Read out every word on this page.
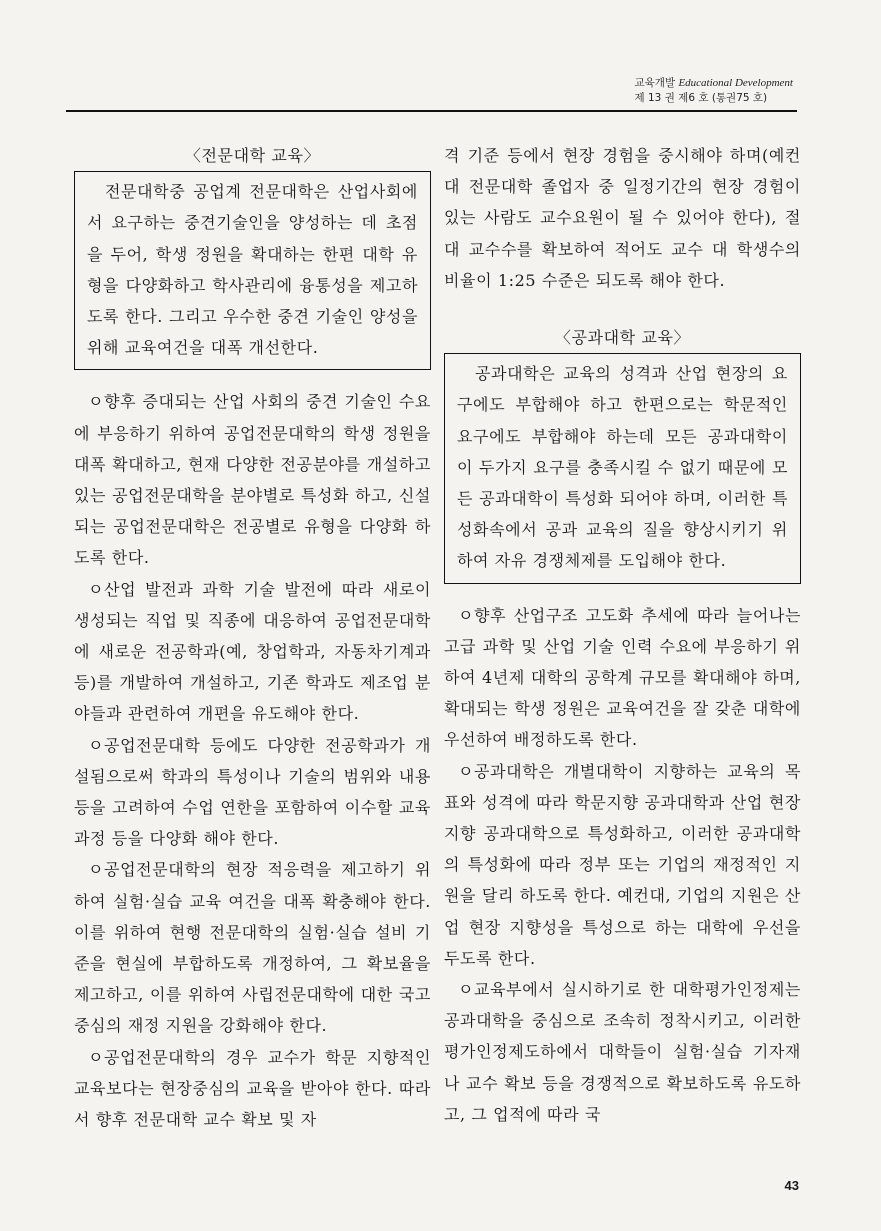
교육개발 Educational Development
제 13 권 제6 호 (통권75 호)

〈전문대학 교육〉

전문대학중 공업계 전문대학은 산업사회에서 요구하는 중견기술인을 양성하는 데 초점을 두어, 학생 정원을 확대하는 한편 대학 유형을 다양화하고 학사관리에 융통성을 제고하도록 한다. 그리고 우수한 중견 기술인 양성을 위해 교육여건을 대폭 개선한다.

ㅇ향후 증대되는 산업 사회의 중견 기술인 수요에 부응하기 위하여 공업전문대학의 학생 정원을 대폭 확대하고, 현재 다양한 전공분야를 개설하고 있는 공업전문대학을 분야별로 특성화 하고, 신설되는 공업전문대학은 전공별로 유형을 다양화 하도록 한다.

ㅇ산업 발전과 과학 기술 발전에 따라 새로이 생성되는 직업 및 직종에 대응하여 공업전문대학에 새로운 전공학과(예, 창업학과, 자동차기계과 등)를 개발하여 개설하고, 기존 학과도 제조업 분야들과 관련하여 개편을 유도해야 한다.

ㅇ공업전문대학 등에도 다양한 전공학과가 개설됨으로써 학과의 특성이나 기술의 범위와 내용 등을 고려하여 수업 연한을 포함하여 이수할 교육과정 등을 다양화 해야 한다.

ㅇ공업전문대학의 현장 적응력을 제고하기 위하여 실험·실습 교육 여건을 대폭 확충해야 한다. 이를 위하여 현행 전문대학의 실험·실습 설비 기준을 현실에 부합하도록 개정하여, 그 확보율을 제고하고, 이를 위하여 사립전문대학에 대한 국고중심의 재정 지원을 강화해야 한다.

ㅇ공업전문대학의 경우 교수가 학문 지향적인 교육보다는 현장중심의 교육을 받아야 한다. 따라서 향후 전문대학 교수 확보 및 자

격 기준 등에서 현장 경험을 중시해야 하며(예컨대 전문대학 졸업자 중 일정기간의 현장 경험이 있는 사람도 교수요원이 될 수 있어야 한다), 절대 교수수를 확보하여 적어도 교수 대 학생수의 비율이 1:25 수준은 되도록 해야 한다.

〈공과대학 교육〉

공과대학은 교육의 성격과 산업 현장의 요구에도 부합해야 하고 한편으로는 학문적인 요구에도 부합해야 하는데 모든 공과대학이 이 두가지 요구를 충족시킬 수 없기 때문에 모든 공과대학이 특성화 되어야 하며, 이러한 특성화속에서 공과 교육의 질을 향상시키기 위하여 자유 경쟁체제를 도입해야 한다.

ㅇ향후 산업구조 고도화 추세에 따라 늘어나는 고급 과학 및 산업 기술 인력 수요에 부응하기 위하여 4년제 대학의 공학계 규모를 확대해야 하며, 확대되는 학생 정원은 교육여건을 잘 갖춘 대학에 우선하여 배정하도록 한다.

ㅇ공과대학은 개별대학이 지향하는 교육의 목표와 성격에 따라 학문지향 공과대학과 산업 현장지향 공과대학으로 특성화하고, 이러한 공과대학의 특성화에 따라 정부 또는 기업의 재정적인 지원을 달리 하도록 한다. 예컨대, 기업의 지원은 산업 현장 지향성을 특성으로 하는 대학에 우선을 두도록 한다.

ㅇ교육부에서 실시하기로 한 대학평가인정제는 공과대학을 중심으로 조속히 정착시키고, 이러한 평가인정제도하에서 대학들이 실험·실습 기자재나 교수 확보 등을 경쟁적으로 확보하도록 유도하고, 그 업적에 따라 국

43
